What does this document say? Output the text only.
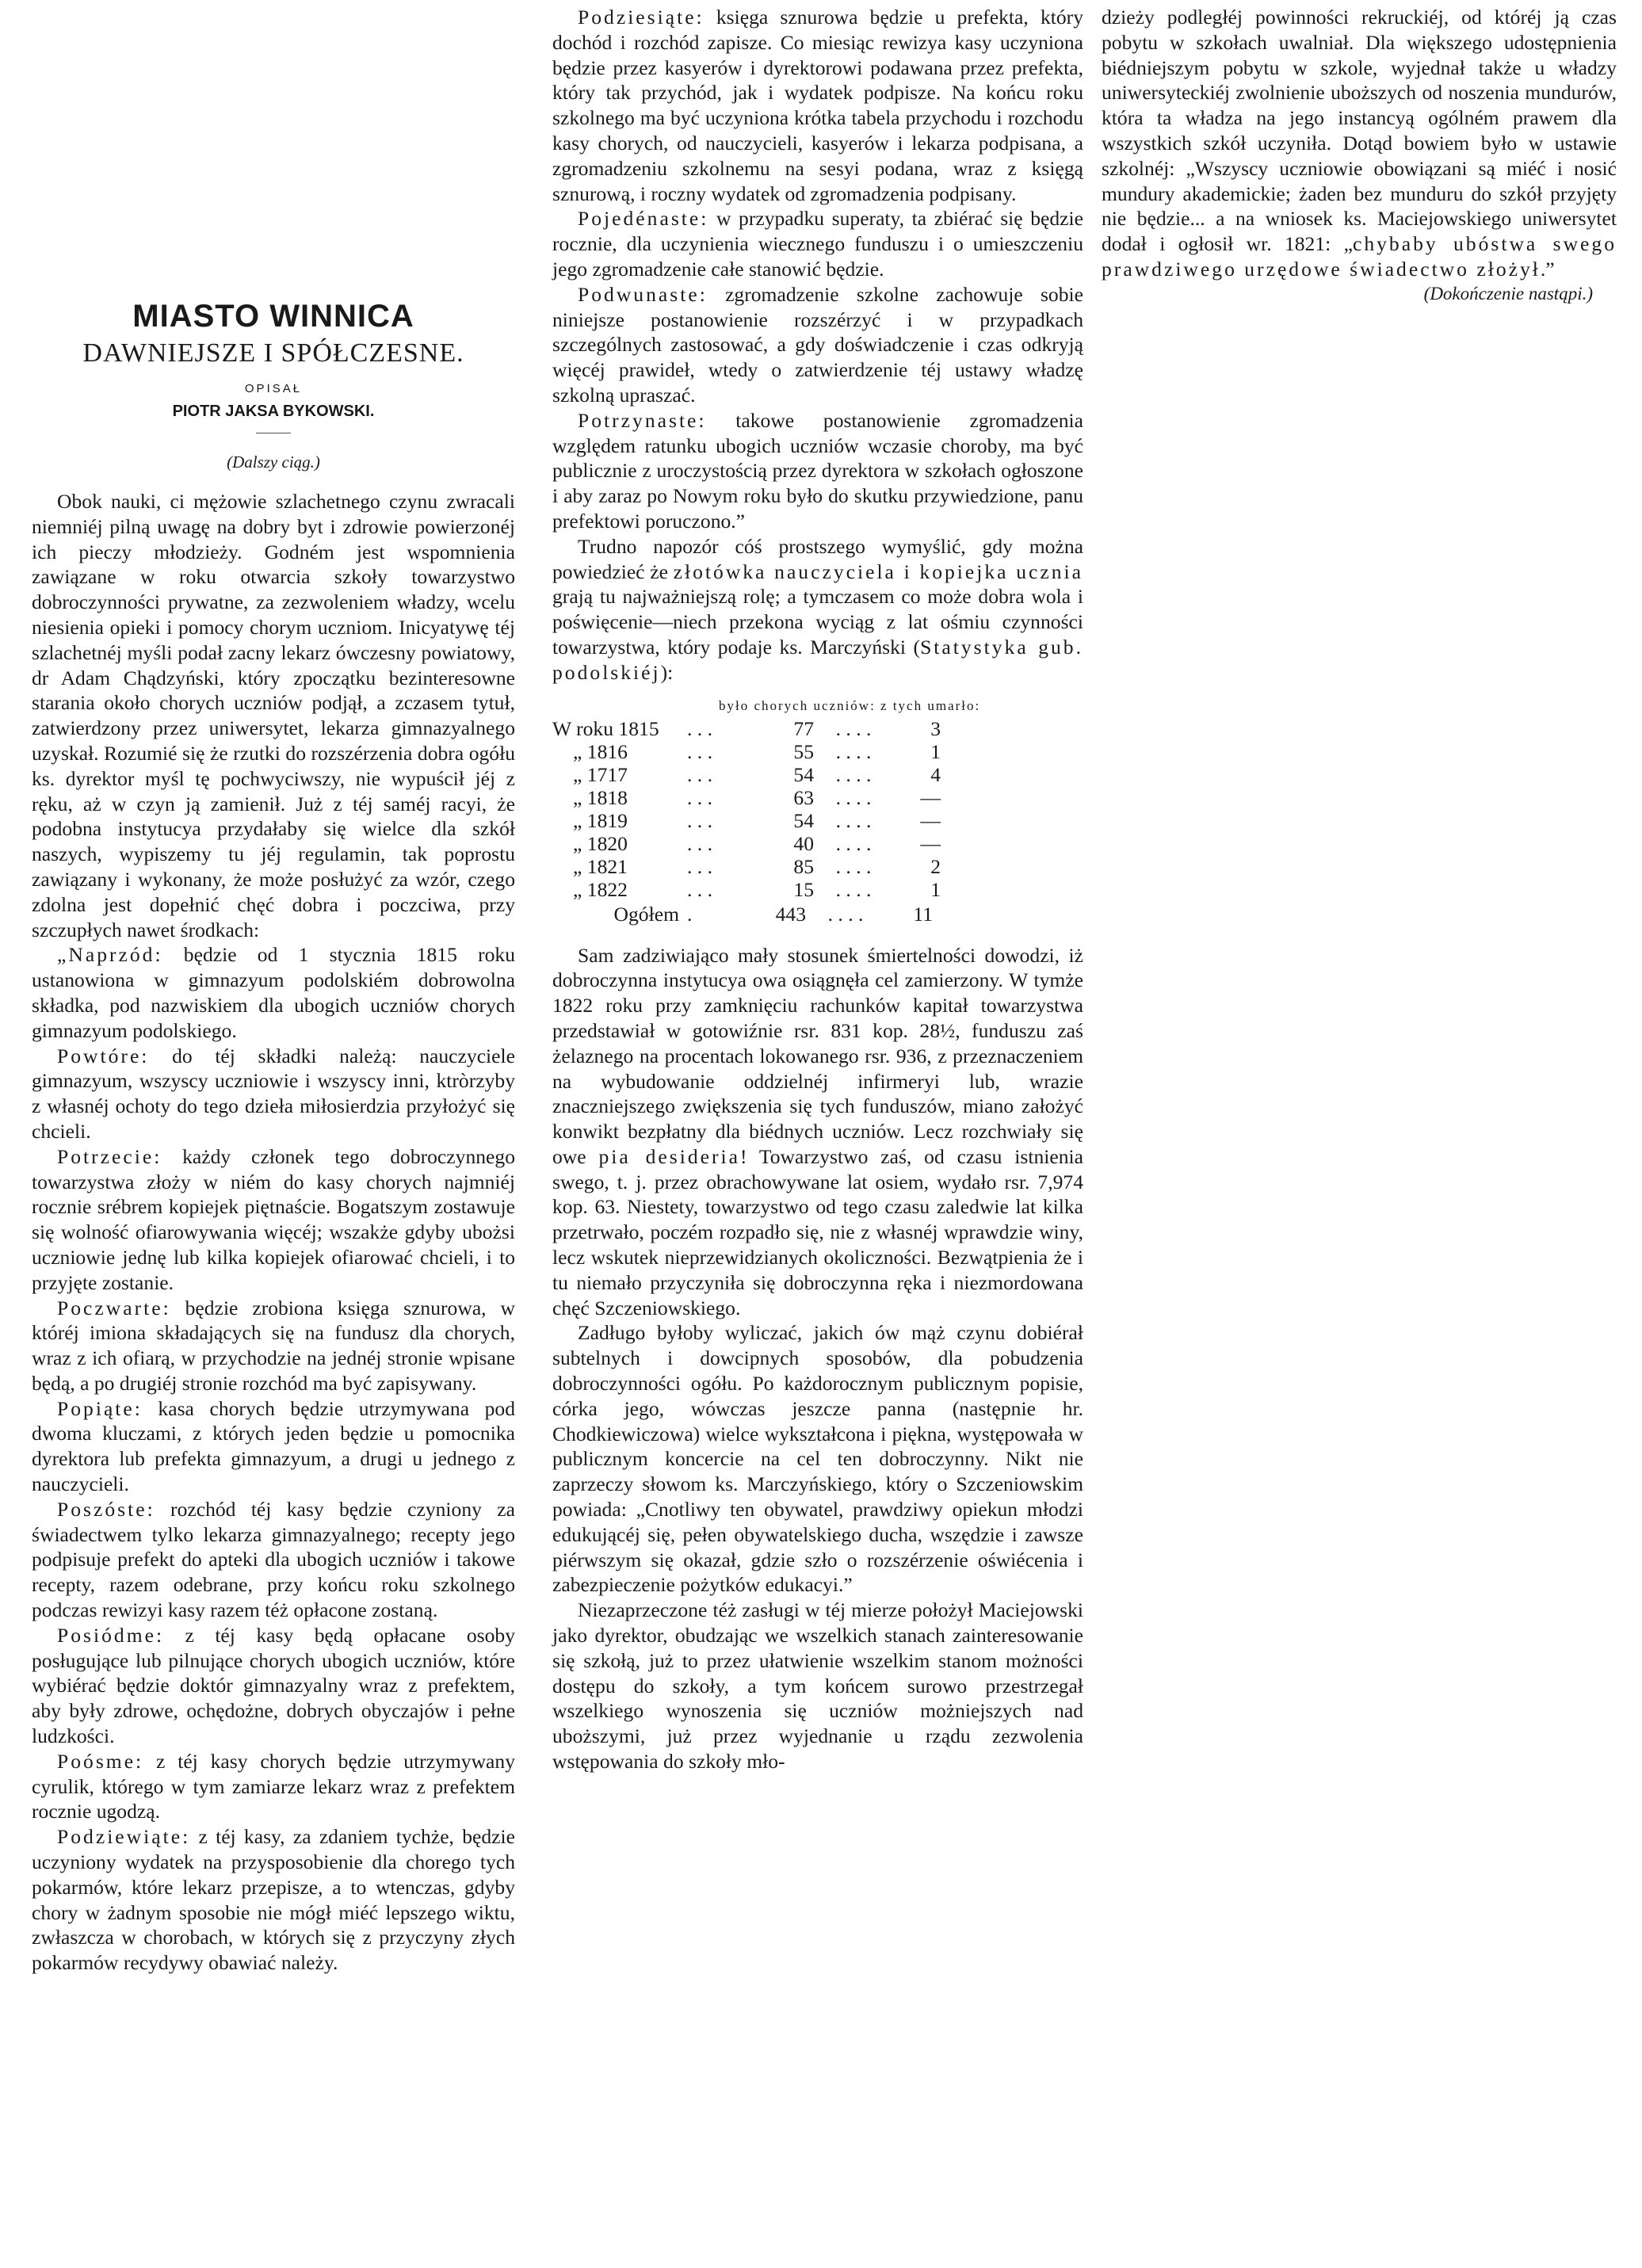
MIASTO WINNICA
DAWNIEJSZE I SPÓŁCZESNE.
OPISAŁ
PIOTR JAKSA BYKOWSKI.
(Dalszy ciąg.)

Obok nauki, ci mężowie szlachetnego czynu zwracali niemniéj pilną uwagę na dobry byt i zdrowie powierzonéj ich pieczy młodzieży. Godném jest wspomnienia zawiązane w roku otwarcia szkoły towarzystwo dobroczynności prywatne, za zezwoleniem władzy, wcelu niesienia opieki i pomocy chorym uczniom. Inicyatywę téj szlachetnéj myśli podał zacny lekarz ówczesny powiatowy, dr Adam Chądzyński, który zpoczątku bezinteresowne starania około chorych uczniów podjął, a zczasem tytuł, zatwierdzony przez uniwersytet, lekarza gimnazyalnego uzyskał. Rozumié się że rzutki do rozszérzenia dobra ogółu ks. dyrektor myśl tę pochwyciwszy, nie wypuścił jéj z ręku, aż w czyn ją zamienił. Już z téj saméj racyi, że podobna instytucya przydałaby się wielce dla szkół naszych, wypiszemy tu jéj regulamin, tak poprostu zawiązany i wykonany, że może posłużyć za wzór, czego zdolna jest dopełnić chęć dobra i poczciwa, przy szczupłych nawet środkach:

„Naprzód: będzie od 1 stycznia 1815 roku ustanowiona w gimnazyum podolskiém dobrowolna składka, pod nazwiskiem dla ubogich uczniów chorych gimnazyum podolskiego.

Powtóre: do téj składki należą: nauczyciele gimnazyum, wszyscy uczniowie i wszyscy inni, ktròrzyby z własnéj ochoty do tego dzieła miłosierdzia przyłożyć się chcieli.

Potrzecie: każdy członek tego dobroczynnego towarzystwa złoży w niém do kasy chorych najmniéj rocznie srébrem kopiejek piętnaście. Bogatszym zostawuje się wolność ofiarowywania więcéj; wszakże gdyby ubożsi uczniowie jednę lub kilka kopiejek ofiarować chcieli, i to przyjęte zostanie.

Poczwarte: będzie zrobiona księga sznurowa, w któréj imiona składających się na fundusz dla chorych, wraz z ich ofiarą, w przychodzie na jednéj stronie wpisane będą, a po drugiéj stronie rozchód ma być zapisywany.

Popiąte: kasa chorych będzie utrzymywana pod dwoma kluczami, z których jeden będzie u pomocnika dyrektora lub prefekta gimnazyum, a drugi u jednego z nauczycieli.

Poszóste: rozchód téj kasy będzie czyniony za świadectwem tylko lekarza gimnazyalnego; recepty jego podpisuje prefekt do apteki dla ubogich uczniów i takowe recepty, razem odebrane, przy końcu roku szkolnego podczas rewizyi kasy razem téż opłacone zostaną.

Posiódme: z téj kasy będą opłacane osoby posługujące lub pilnujące chorych ubogich uczniów, które wybiérać będzie doktór gimnazyalny wraz z prefektem, aby były zdrowe, ochędożne, dobrych obyczajów i pełne ludzkości.

Poósme: z téj kasy chorych będzie utrzymywany cyrulik, którego w tym zamiarze lekarz wraz z prefektem rocznie ugodzą.

Podziewiąte: z téj kasy, za zdaniem tychże, będzie uczyniony wydatek na przysposobienie dla chorego tych pokarmów, które lekarz przepisze, a to wtenczas, gdyby chory w żadnym sposobie nie mógł miéć lepszego wiktu, zwłaszcza w chorobach, w których się z przyczyny złych pokarmów recydywy obawiać należy.

Podziesiąte: księga sznurowa będzie u prefekta, który dochód i rozchód zapisze. Co miesiąc rewizya kasy uczyniona będzie przez kasyerów i dyrektorowi podawana przez prefekta, który tak przychód, jak i wydatek podpisze. Na końcu roku szkolnego ma być uczyniona krótka tabela przychodu i rozchodu kasy chorych, od nauczycieli, kasyerów i lekarza podpisana, a zgromadzeniu szkolnemu na sesyi podana, wraz z księgą sznurową, i roczny wydatek od zgromadzenia podpisany.

Pojedénaste: w przypadku superaty, ta zbiérać się będzie rocznie, dla uczynienia wiecznego funduszu i o umieszczeniu jego zgromadzenie całe stanowić będzie.

Podwunaste: zgromadzenie szkolne zachowuje sobie niniejsze postanowienie rozszérzyć i w przypadkach szczególnych zastosować, a gdy doświadczenie i czas odkryją więcéj prawideł, wtedy o zatwierdzenie téj ustawy władzę szkolną upraszać.

Potrzynaste: takowe postanowienie zgromadzenia względem ratunku ubogich uczniów wczasie choroby, ma być publicznie z uroczystością przez dyrektora w szkołach ogłoszone i aby zaraz po Nowym roku było do skutku przywiedzione, panu prefektowi poruczono.”

Trudno napozór cóś prostszego wymyślić, gdy można powiedzieć że złotówka nauczyciela i kopiejka ucznia grają tu najważniejszą rolę; a tymczasem co może dobra wola i poświęcenie—niech przekona wyciąg z lat ośmiu czynności towarzystwa, który podaje ks. Marczyński (Statystyka gub. podolskiéj):

było chorych uczniów: z tych umarło:
W roku 1815	. . .	77	. . . .	3
„ 1816	. . .	55	. . . .	1
„ 1717	. . .	54	. . . .	4
„ 1818	. . .	63	. . . .	—
„ 1819	. . .	54	. . . .	—
„ 1820	. . .	40	. . . .	—
„ 1821	. . .	85	. . . .	2
„ 1822	. . .	15	. . . .	1
Ogółem .	443	. . . .	11

Sam zadziwiająco mały stosunek śmiertelności dowodzi, iż dobroczynna instytucya owa osiągnęła cel zamierzony. W tymże 1822 roku przy zamknięciu rachunków kapitał towarzystwa przedstawiał w gotowiźnie rsr. 831 kop. 28½, funduszu zaś żelaznego na procentach lokowanego rsr. 936, z przeznaczeniem na wybudowanie oddzielnéj infirmeryi lub, wrazie znaczniejszego zwiększenia się tych funduszów, miano założyć konwikt bezpłatny dla biédnych uczniów. Lecz rozchwiały się owe pia desideria! Towarzystwo zaś, od czasu istnienia swego, t. j. przez obrachowywane lat osiem, wydało rsr. 7,974 kop. 63. Niestety, towarzystwo od tego czasu zaledwie lat kilka przetrwało, poczém rozpadło się, nie z własnéj wprawdzie winy, lecz wskutek nieprzewidzianych okoliczności. Bezwątpienia że i tu niemało przyczyniła się dobroczynna ręka i niezmordowana chęć Szczeniowskiego.

Zadługo byłoby wyliczać, jakich ów mąż czynu dobiérał subtelnych i dowcipnych sposobów, dla pobudzenia dobroczynności ogółu. Po każdorocznym publicznym popisie, córka jego, wówczas jeszcze panna (następnie hr. Chodkiewiczowa) wielce wykształcona i piękna, występowała w publicznym koncercie na cel ten dobroczynny. Nikt nie zaprzeczy słowom ks. Marczyńskiego, który o Szczeniowskim powiada: „Cnotliwy ten obywatel, prawdziwy opiekun młodzi edukującéj się, pełen obywatelskiego ducha, wszędzie i zawsze piérwszym się okazał, gdzie szło o rozszérzenie oświécenia i zabezpieczenie pożytków edukacyi.”

Niezaprzeczone téż zasługi w téj mierze położył Maciejowski jako dyrektor, obudzając we wszelkich stanach zainteresowanie się szkołą, już to przez ułatwienie wszelkim stanom możności dostępu do szkoły, a tym końcem surowo przestrzegał wszelkiego wynoszenia się uczniów możniejszych nad uboższymi, już przez wyjednanie u rządu zezwolenia wstępowania do szkoły mło-

dzieży podległéj powinności rekruckiéj, od któréj ją czas pobytu w szkołach uwalniał. Dla większego udostępnienia biédniejszym pobytu w szkole, wyjednał także u władzy uniwersyteckiéj zwolnienie uboższych od noszenia mundurów, która ta władza na jego instancyą ogólném prawem dla wszystkich szkół uczyniła. Dotąd bowiem było w ustawie szkolnéj: „Wszyscy uczniowie obowiązani są miéć i nosić mundury akademickie; żaden bez munduru do szkół przyjęty nie będzie... a na wniosek ks. Maciejowskiego uniwersytet dodał i ogłosił wr. 1821: „chybaby ubóstwa swego prawdziwego urzędowe świadectwo złożył.”

(Dokończenie nastąpi.)
